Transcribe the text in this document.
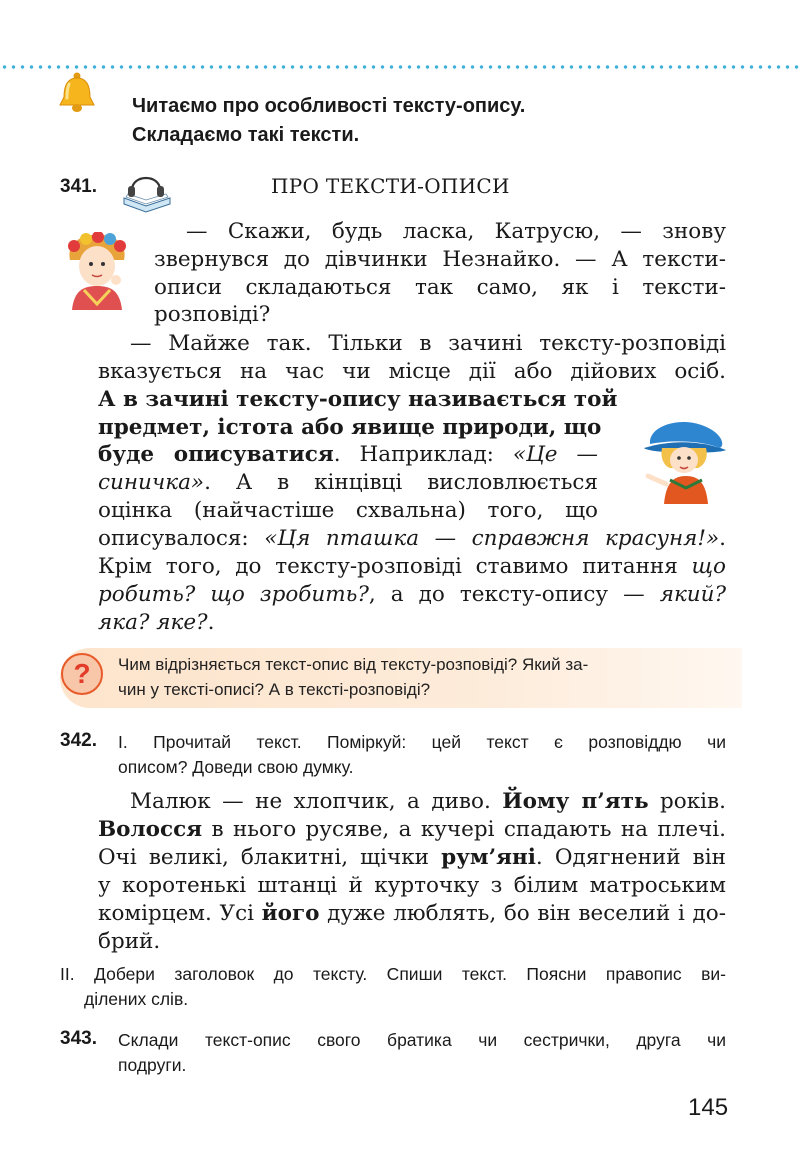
Читаємо про особливості тексту-опису.
Складаємо такі тексти.
341.	ПРО ТЕКСТИ-ОПИСИ
— Скажи, будь ласка, Катрусю, — знову
звернувся до дівчинки Незнайко. — А тексти-
описи складаються так само, як і тексти-
розповіді?
— Майже так. Тільки в зачині тексту-розповіді
вказується на час чи місце дії або дійових осіб.
А в зачині тексту-опису називається той
предмет, істота або явище природи, що
буде описуватися. Наприклад: «Це —
синичка». А в кінцівці висловлюється
оцінка (найчастіше схвальна) того, що
описувалося: «Ця пташка — справжня красуня!».
Крім того, до тексту-розповіді ставимо питання що
робить? що зробить?, а до тексту-опису — який?
яка? яке?.
? Чим відрізняється текст-опис від тексту-розповіді? Який за-
чин у тексті-описі? А в тексті-розповіді?
342. І. Прочитай текст. Поміркуй: цей текст є розповіддю чи
описом? Доведи свою думку.
Малюк — не хлопчик, а диво. Йому п’ять років.
Волосся в нього русяве, а кучері спадають на плечі.
Очі великі, блакитні, щічки рум’яні. Одягнений він
у коротенькі штанці й курточку з білим матроським
комірцем. Усі його дуже люблять, бо він веселий і до-
брий.
ІІ. Добери заголовок до тексту. Спиши текст. Поясни правопис ви-
ділених слів.
343. Склади текст-опис свого братика чи сестрички, друга чи
подруги.
145
